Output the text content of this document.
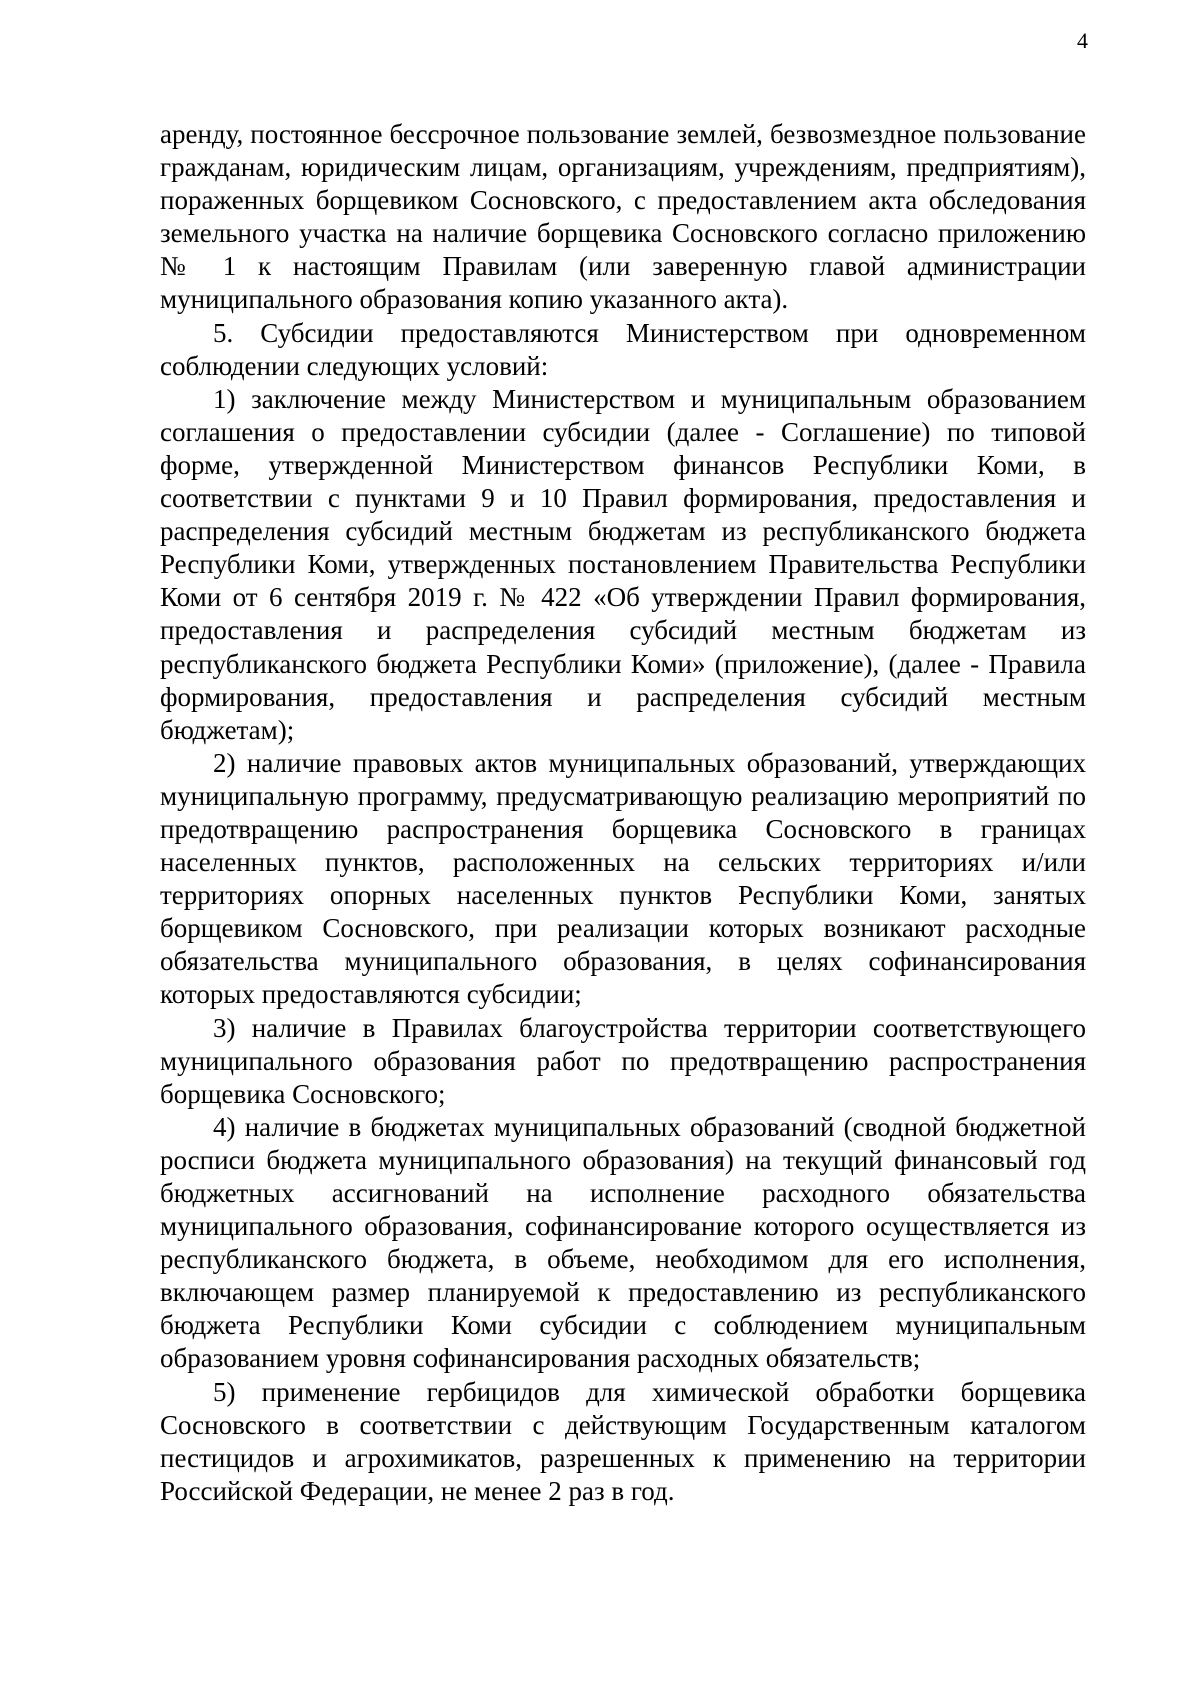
4

аренду, постоянное бессрочное пользование землей, безвозмездное пользование гражданам, юридическим лицам, организациям, учреждениям, предприятиям), пораженных борщевиком Сосновского, с предоставлением акта обследования земельного участка на наличие борщевика Сосновского согласно приложению № 1 к настоящим Правилам (или заверенную главой администрации муниципального образования копию указанного акта).

5. Субсидии предоставляются Министерством при одновременном соблюдении следующих условий:

1) заключение между Министерством и муниципальным образованием соглашения о предоставлении субсидии (далее - Соглашение) по типовой форме, утвержденной Министерством финансов Республики Коми, в соответствии с пунктами 9 и 10 Правил формирования, предоставления и распределения субсидий местным бюджетам из республиканского бюджета Республики Коми, утвержденных постановлением Правительства Республики Коми от 6 сентября 2019 г. № 422 «Об утверждении Правил формирования, предоставления и распределения субсидий местным бюджетам из республиканского бюджета Республики Коми» (приложение), (далее - Правила формирования, предоставления и распределения субсидий местным бюджетам);

2) наличие правовых актов муниципальных образований, утверждающих муниципальную программу, предусматривающую реализацию мероприятий по предотвращению распространения борщевика Сосновского в границах населенных пунктов, расположенных на сельских территориях и/или территориях опорных населенных пунктов Республики Коми, занятых борщевиком Сосновского, при реализации которых возникают расходные обязательства муниципального образования, в целях софинансирования которых предоставляются субсидии;

3) наличие в Правилах благоустройства территории соответствующего муниципального образования работ по предотвращению распространения борщевика Сосновского;

4) наличие в бюджетах муниципальных образований (сводной бюджетной росписи бюджета муниципального образования) на текущий финансовый год бюджетных ассигнований на исполнение расходного обязательства муниципального образования, софинансирование которого осуществляется из республиканского бюджета, в объеме, необходимом для его исполнения, включающем размер планируемой к предоставлению из республиканского бюджета Республики Коми субсидии с соблюдением муниципальным образованием уровня софинансирования расходных обязательств;

5) применение гербицидов для химической обработки борщевика Сосновского в соответствии с действующим Государственным каталогом пестицидов и агрохимикатов, разрешенных к применению на территории Российской Федерации, не менее 2 раз в год.
